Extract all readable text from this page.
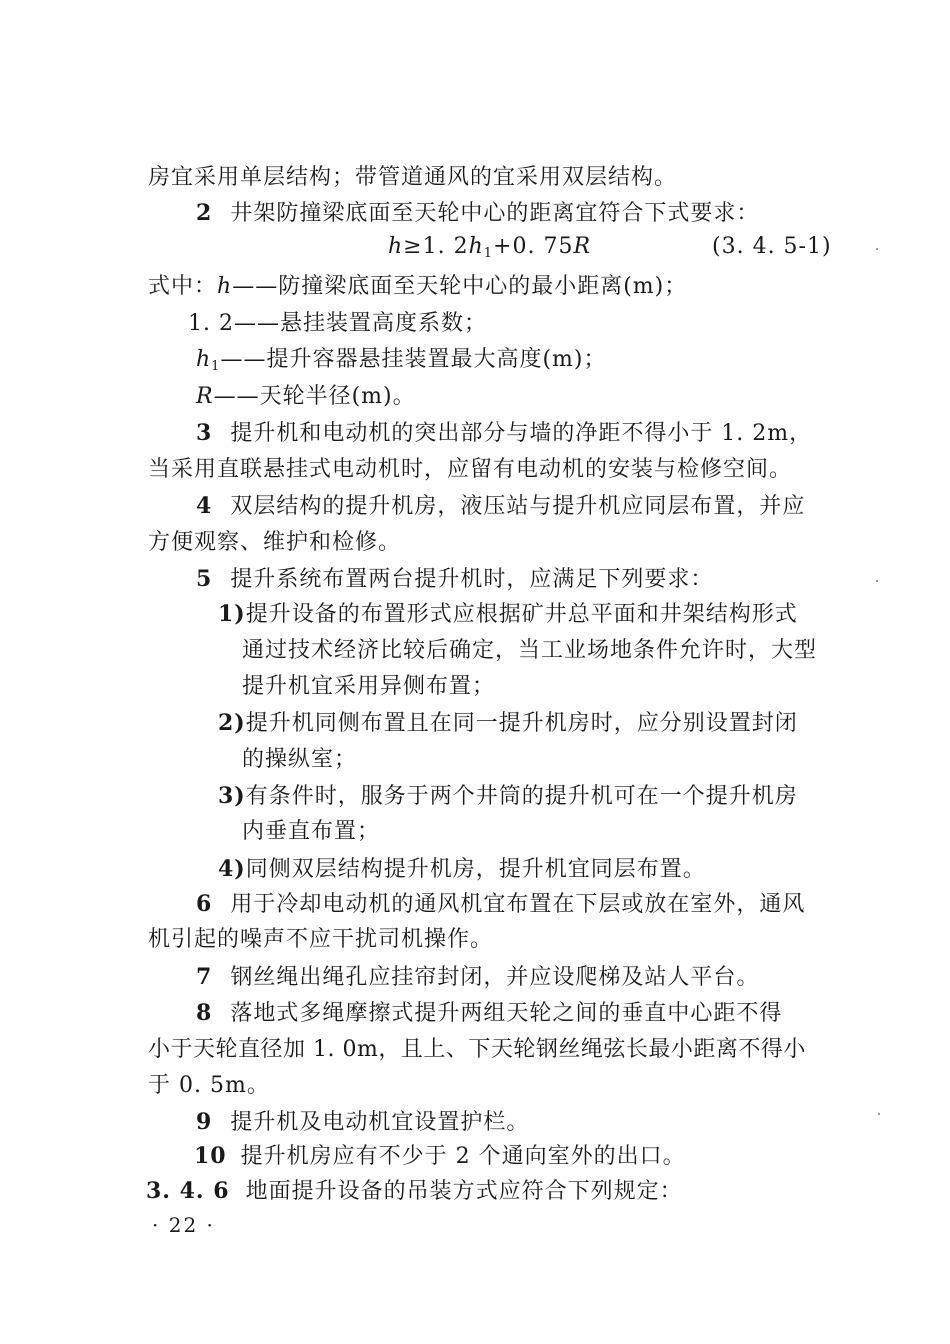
房宜采用单层结构；带管道通风的宜采用双层结构。
2 井架防撞梁底面至天轮中心的距离宜符合下式要求：
h≥1. $2h_1+0$. 75R	(3. 4. 5-1)
式中：h——防撞梁底面至天轮中心的最小距离(m)；
1. 2——悬挂装置高度系数；
$h_1——$提升容器悬挂装置最大高度(m)；
R——天轮半径(m)。
3 提升机和电动机的突出部分与墙的净距不得小于 1. 2m，
当采用直联悬挂式电动机时，应留有电动机的安装与检修空间。
4 双层结构的提升机房，液压站与提升机应同层布置，并应
方便观察、维护和检修。
5 提升系统布置两台提升机时，应满足下列要求：
1)提升设备的布置形式应根据矿井总平面和井架结构形式
通过技术经济比较后确定，当工业场地条件允许时，大型
提升机宜采用异侧布置；
2)提升机同侧布置且在同一提升机房时，应分别设置封闭
的操纵室；
3)有条件时，服务于两个井筒的提升机可在一个提升机房
内垂直布置；
4)同侧双层结构提升机房，提升机宜同层布置。
6 用于冷却电动机的通风机宜布置在下层或放在室外，通风
机引起的噪声不应干扰司机操作。
7 钢丝绳出绳孔应挂帘封闭，并应设爬梯及站人平台。
8 落地式多绳摩擦式提升两组天轮之间的垂直中心距不得
小于天轮直径加 1. 0m，且上、下天轮钢丝绳弦长最小距离不得小
于 0. 5m。
9 提升机及电动机宜设置护栏。
10 提升机房应有不少于 2 个通向室外的出口。
3. 4. 6 地面提升设备的吊装方式应符合下列规定：
· 22 ·
